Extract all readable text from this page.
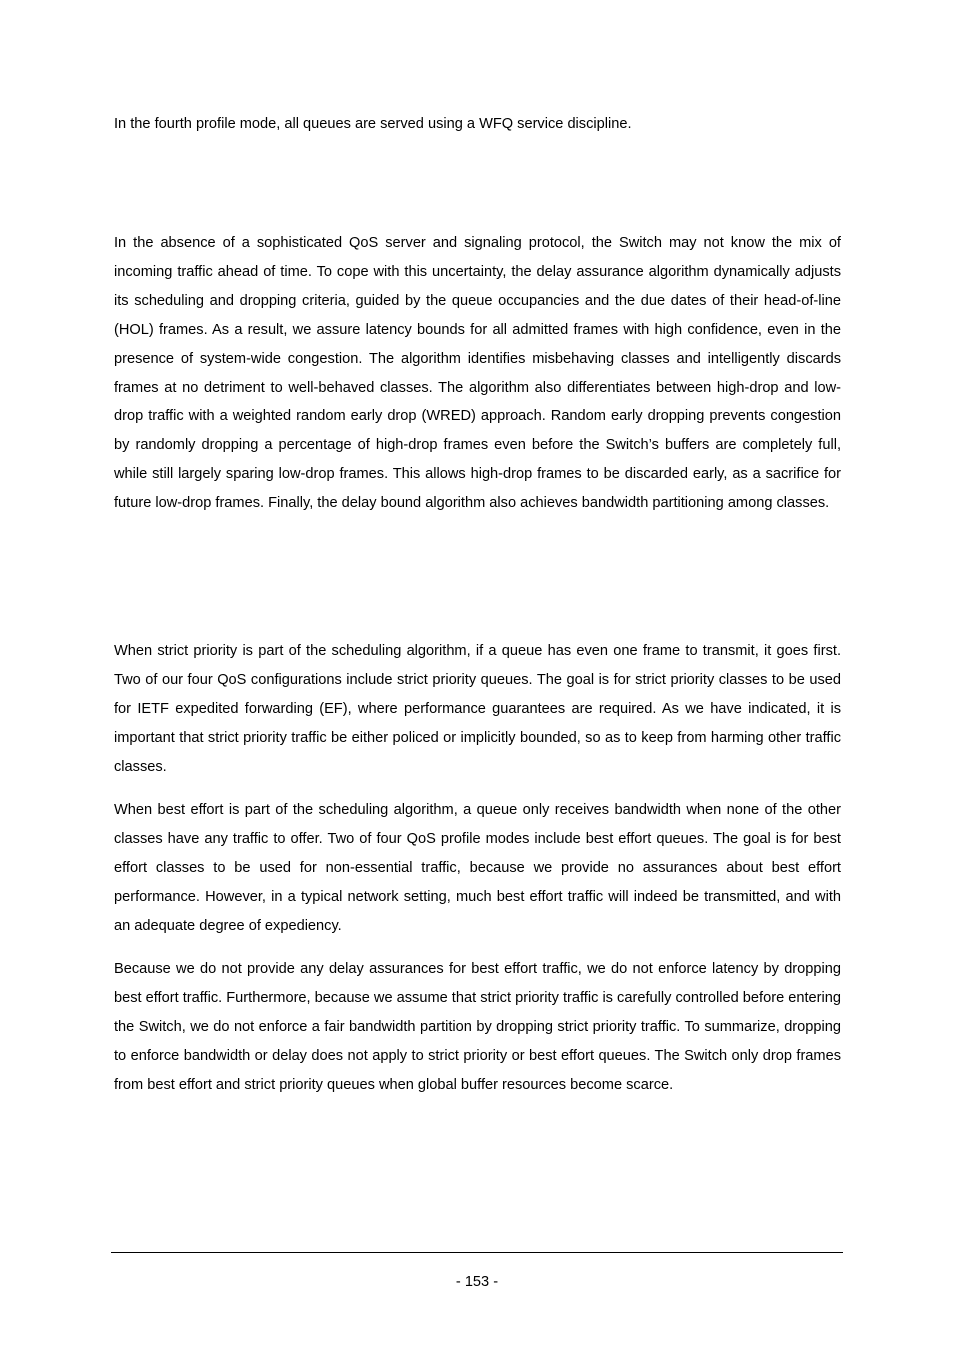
In the fourth profile mode, all queues are served using a WFQ service discipline.

In the absence of a sophisticated QoS server and signaling protocol, the Switch may not know the mix of incoming traffic ahead of time. To cope with this uncertainty, the delay assurance algorithm dynamically adjusts its scheduling and dropping criteria, guided by the queue occupancies and the due dates of their head-of-line (HOL) frames. As a result, we assure latency bounds for all admitted frames with high confidence, even in the presence of system-wide congestion. The algorithm identifies misbehaving classes and intelligently discards frames at no detriment to well-behaved classes. The algorithm also differentiates between high-drop and low-drop traffic with a weighted random early drop (WRED) approach. Random early dropping prevents congestion by randomly dropping a percentage of high-drop frames even before the Switch’s buffers are completely full, while still largely sparing low-drop frames. This allows high-drop frames to be discarded early, as a sacrifice for future low-drop frames. Finally, the delay bound algorithm also achieves bandwidth partitioning among classes.

When strict priority is part of the scheduling algorithm, if a queue has even one frame to transmit, it goes first. Two of our four QoS configurations include strict priority queues. The goal is for strict priority classes to be used for IETF expedited forwarding (EF), where performance guarantees are required. As we have indicated, it is important that strict priority traffic be either policed or implicitly bounded, so as to keep from harming other traffic classes.

When best effort is part of the scheduling algorithm, a queue only receives bandwidth when none of the other classes have any traffic to offer. Two of four QoS profile modes include best effort queues. The goal is for best effort classes to be used for non-essential traffic, because we provide no assurances about best effort performance. However, in a typical network setting, much best effort traffic will indeed be transmitted, and with an adequate degree of expediency.

Because we do not provide any delay assurances for best effort traffic, we do not enforce latency by dropping best effort traffic. Furthermore, because we assume that strict priority traffic is carefully controlled before entering the Switch, we do not enforce a fair bandwidth partition by dropping strict priority traffic. To summarize, dropping to enforce bandwidth or delay does not apply to strict priority or best effort queues. The Switch only drop frames from best effort and strict priority queues when global buffer resources become scarce.

- 153 -
